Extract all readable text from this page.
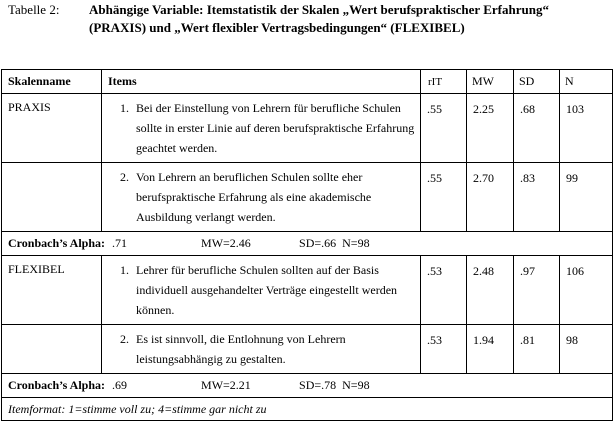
Tabelle 2: Abhängige Variable: Itemstatistik der Skalen „Wert berufspraktischer Erfahrung“ (PRAXIS) und „Wert flexibler Vertragsbedingungen“ (FLEXIBEL)
Skalenname	Items	rIT	MW	SD	N
PRAXIS	1. Bei der Einstellung von Lehrern für berufliche Schulen sollte in erster Linie auf deren berufspraktische Erfahrung geachtet werden.	.55	2.25	.68	103

	2. Von Lehrern an beruflichen Schulen sollte eher berufspraktische Erfahrung als eine akademische Ausbildung verlangt werden.	.55	2.70	.83	99
Cronbach’s Alpha: .71 MW=2.46 SD=.66 N=98					
FLEXIBEL	1. Lehrer für berufliche Schulen sollten auf der Basis individuell ausgehandelter Verträge eingestellt werden können.	.53	2.48	.97	106

	2. Es ist sinnvoll, die Entlohnung von Lehrern leistungsabhängig zu gestalten.	.53	1.94	.81	98
Cronbach’s Alpha: .69 MW=2.21 SD=.78 N=98					
Itemformat: 1=stimme voll zu; 4=stimme gar nicht zu					
